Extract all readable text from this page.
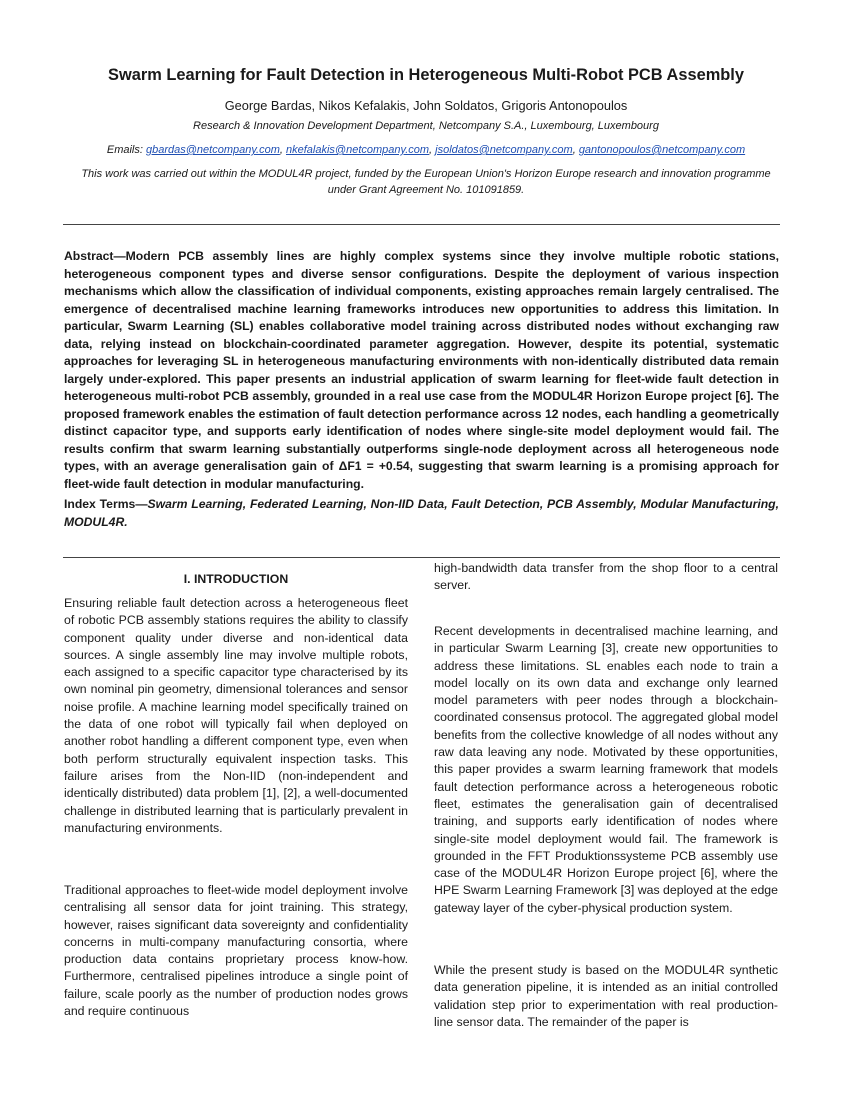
Swarm Learning for Fault Detection in Heterogeneous Multi-Robot PCB Assembly
George Bardas, Nikos Kefalakis, John Soldatos, Grigoris Antonopoulos
Research & Innovation Development Department, Netcompany S.A., Luxembourg, Luxembourg
Emails: gbardas@netcompany.com, nkefalakis@netcompany.com, jsoldatos@netcompany.com, gantonopoulos@netcompany.com
This work was carried out within the MODUL4R project, funded by the European Union's Horizon Europe research and innovation programme under Grant Agreement No. 101091859.
Abstract—Modern PCB assembly lines are highly complex systems since they involve multiple robotic stations, heterogeneous component types and diverse sensor configurations. Despite the deployment of various inspection mechanisms which allow the classification of individual components, existing approaches remain largely centralised. The emergence of decentralised machine learning frameworks introduces new opportunities to address this limitation. In particular, Swarm Learning (SL) enables collaborative model training across distributed nodes without exchanging raw data, relying instead on blockchain-coordinated parameter aggregation. However, despite its potential, systematic approaches for leveraging SL in heterogeneous manufacturing environments with non-identically distributed data remain largely under-explored. This paper presents an industrial application of swarm learning for fleet-wide fault detection in heterogeneous multi-robot PCB assembly, grounded in a real use case from the MODUL4R Horizon Europe project [6]. The proposed framework enables the estimation of fault detection performance across 12 nodes, each handling a geometrically distinct capacitor type, and supports early identification of nodes where single-site model deployment would fail. The results confirm that swarm learning substantially outperforms single-node deployment across all heterogeneous node types, with an average generalisation gain of ΔF1 = +0.54, suggesting that swarm learning is a promising approach for fleet-wide fault detection in modular manufacturing.
Index Terms—Swarm Learning, Federated Learning, Non-IID Data, Fault Detection, PCB Assembly, Modular Manufacturing, MODUL4R.
I. INTRODUCTION
Ensuring reliable fault detection across a heterogeneous fleet of robotic PCB assembly stations requires the ability to classify component quality under diverse and non-identical data sources. A single assembly line may involve multiple robots, each assigned to a specific capacitor type characterised by its own nominal pin geometry, dimensional tolerances and sensor noise profile. A machine learning model specifically trained on the data of one robot will typically fail when deployed on another robot handling a different component type, even when both perform structurally equivalent inspection tasks. This failure arises from the Non-IID (non-independent and identically distributed) data problem [1], [2], a well-documented challenge in distributed learning that is particularly prevalent in manufacturing environments.
Traditional approaches to fleet-wide model deployment involve centralising all sensor data for joint training. This strategy, however, raises significant data sovereignty and confidentiality concerns in multi-company manufacturing consortia, where production data contains proprietary process know-how. Furthermore, centralised pipelines introduce a single point of failure, scale poorly as the number of production nodes grows and require continuous
high-bandwidth data transfer from the shop floor to a central server.
Recent developments in decentralised machine learning, and in particular Swarm Learning [3], create new opportunities to address these limitations. SL enables each node to train a model locally on its own data and exchange only learned model parameters with peer nodes through a blockchain-coordinated consensus protocol. The aggregated global model benefits from the collective knowledge of all nodes without any raw data leaving any node. Motivated by these opportunities, this paper provides a swarm learning framework that models fault detection performance across a heterogeneous robotic fleet, estimates the generalisation gain of decentralised training, and supports early identification of nodes where single-site model deployment would fail. The framework is grounded in the FFT Produktionssysteme PCB assembly use case of the MODUL4R Horizon Europe project [6], where the HPE Swarm Learning Framework [3] was deployed at the edge gateway layer of the cyber-physical production system.
While the present study is based on the MODUL4R synthetic data generation pipeline, it is intended as an initial controlled validation step prior to experimentation with real production-line sensor data. The remainder of the paper is
